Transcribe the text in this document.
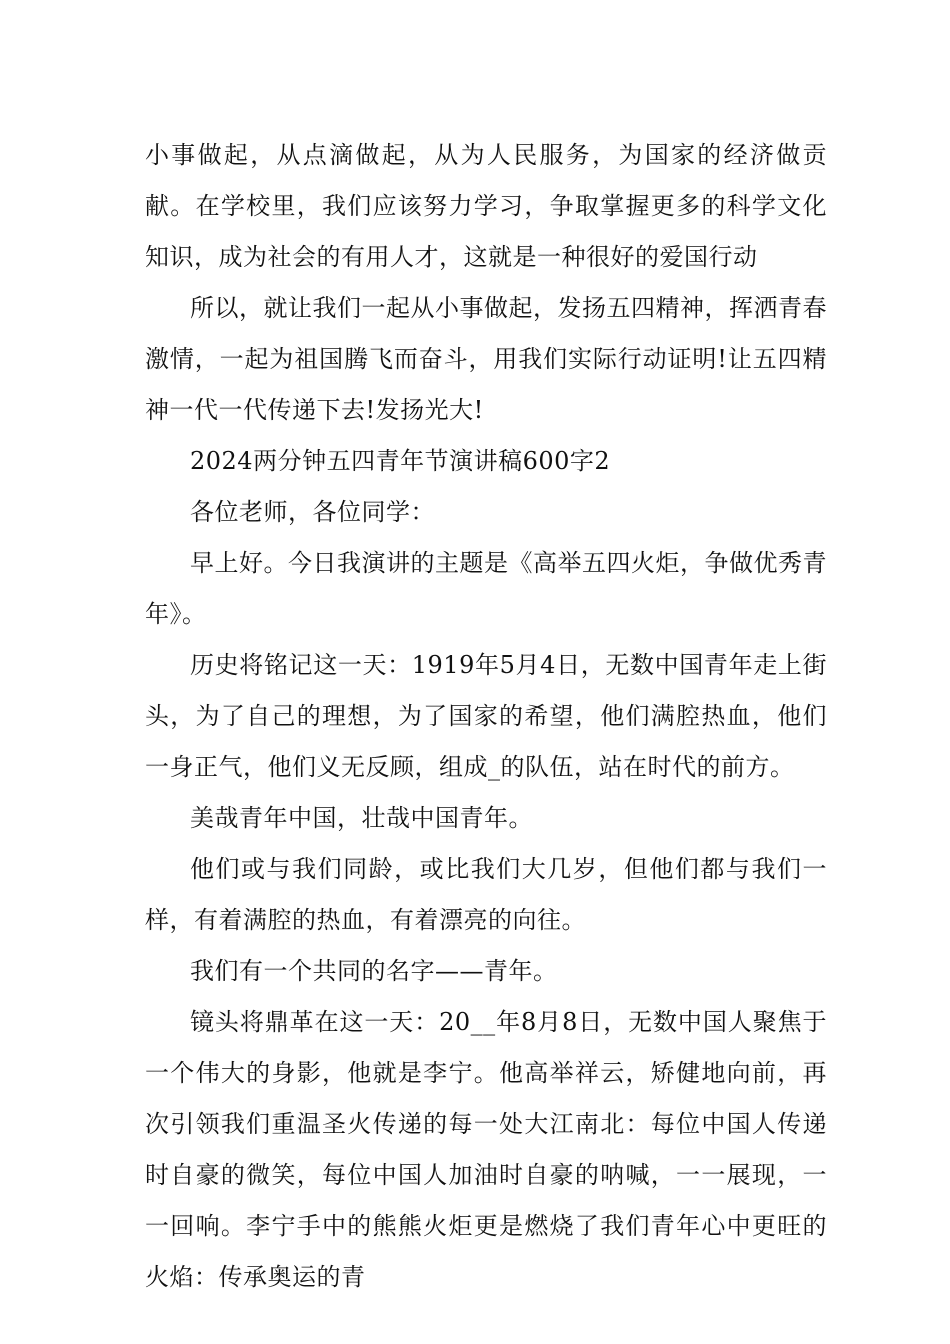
小事做起，从点滴做起，从为人民服务，为国家的经济做贡献。在学校里，我们应该努力学习，争取掌握更多的科学文化知识，成为社会的有用人才，这就是一种很好的爱国行动

所以，就让我们一起从小事做起，发扬五四精神，挥洒青春激情，一起为祖国腾飞而奋斗，用我们实际行动证明!让五四精神一代一代传递下去!发扬光大!

2024两分钟五四青年节演讲稿600字2

各位老师，各位同学：

早上好。今日我演讲的主题是《高举五四火炬，争做优秀青年》。

历史将铭记这一天：1919年5月4日，无数中国青年走上街头，为了自己的理想，为了国家的希望，他们满腔热血，他们一身正气，他们义无反顾，组成_的队伍，站在时代的前方。

美哉青年中国，壮哉中国青年。

他们或与我们同龄，或比我们大几岁，但他们都与我们一样，有着满腔的热血，有着漂亮的向往。

我们有一个共同的名字——青年。

镜头将鼎革在这一天：20__年8月8日，无数中国人聚焦于一个伟大的身影，他就是李宁。他高举祥云，矫健地向前，再次引领我们重温圣火传递的每一处大江南北：每位中国人传递时自豪的微笑，每位中国人加油时自豪的呐喊，一一展现，一一回响。李宁手中的熊熊火炬更是燃烧了我们青年心中更旺的火焰：传承奥运的青
